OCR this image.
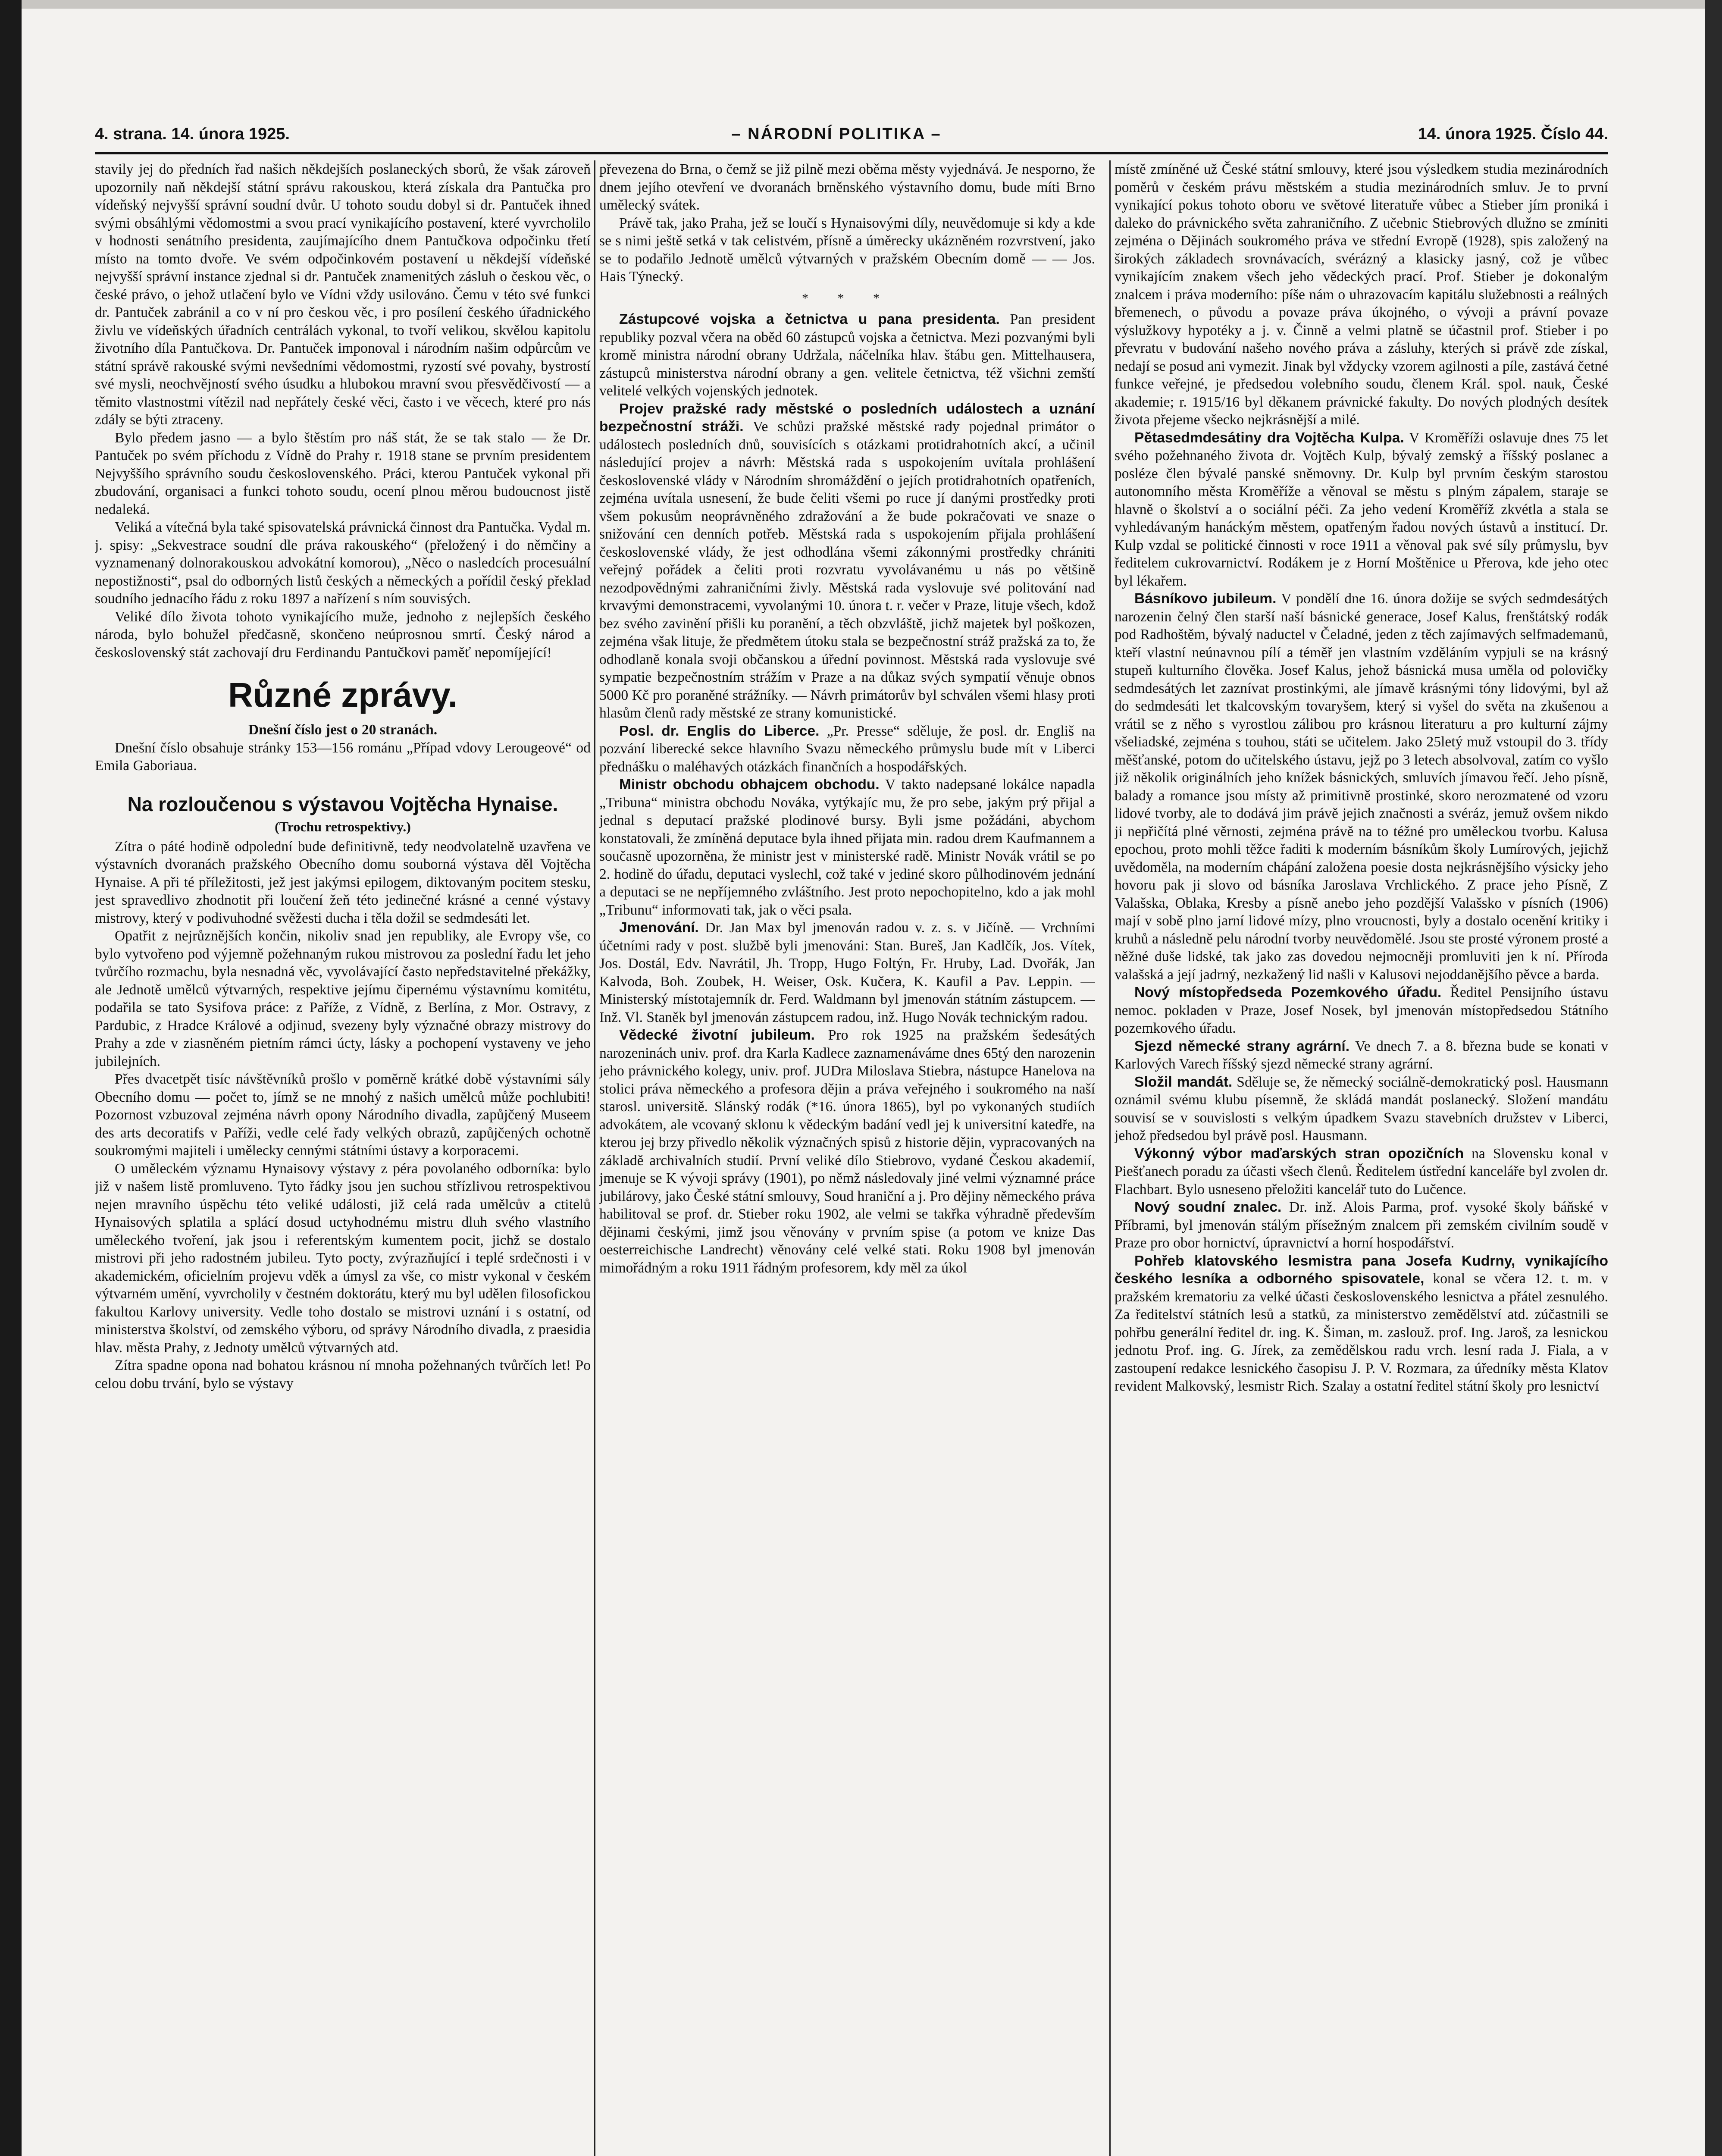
4. strana. 14. února 1925.	– NÁRODNÍ POLITIKA –	14. února 1925. Číslo 44.

stavily jej do předních řad našich někdejších poslaneckých sborů, že však zároveň upozornily naň někdejší státní správu rakouskou, která získala dra Pantučka pro vídeňský nejvyšší správní soudní dvůr. U tohoto soudu dobyl si dr. Pantuček ihned svými obsáhlými vědomostmi a svou prací vynikajícího postavení, které vyvrcholilo v hodnosti senátního presidenta, zaujímajícího dnem Pantučkova odpočinku třetí místo na tomto dvoře. Ve svém odpočinkovém postavení u někdejší vídeňské nejvyšší správní instance zjednal si dr. Pantuček znamenitých zásluh o českou věc, o české právo, o jehož utlačení bylo ve Vídni vždy usilováno. Čemu v této své funkci dr. Pantuček zabránil a co v ní pro českou věc, i pro posílení českého úřadnického živlu ve vídeňských úřadních centrálách vykonal, to tvoří velikou, skvělou kapitolu životního díla Pantučkova. Dr. Pantuček imponoval i národním našim odpůrcům ve státní správě rakouské svými nevšedními vědomostmi, ryzostí své povahy, bystrostí své mysli, neochvějností svého úsudku a hlubokou mravní svou přesvědčivostí — a těmito vlastnostmi vítězil nad nepřátely české věci, často i ve věcech, které pro nás zdály se býti ztraceny.

Bylo předem jasno — a bylo štěstím pro náš stát, že se tak stalo — že Dr. Pantuček po svém příchodu z Vídně do Prahy r. 1918 stane se prvním presidentem Nejvyššího správního soudu československého. Práci, kterou Pantuček vykonal při zbudování, organisaci a funkci tohoto soudu, ocení plnou měrou budoucnost jistě nedaleká.

Veliká a vítečná byla také spisovatelská právnická činnost dra Pantučka. Vydal m. j. spisy: „Sekvestrace soudní dle práva rakouského“ (přeložený i do němčiny a vyznamenaný dolnorakouskou advokátní komorou), „Něco o nasledcích procesuální nepostižnosti“, psal do odborných listů českých a německých a pořídil český překlad soudního jednacího řádu z roku 1897 a nařízení s ním souvisých.

Veliké dílo života tohoto vynikajícího muže, jednoho z nejlepších českého národa, bylo bohužel předčasně, skončeno neúprosnou smrtí. Český národ a československý stát zachovají dru Ferdinandu Pantučkovi paměť nepomíjející!

Různé zprávy.
Dnešní číslo jest o 20 stranách.

Dnešní číslo obsahuje stránky 153—156 románu „Případ vdovy Lerougeové“ od Emila Gaboriaua.

Na rozloučenou s výstavou Vojtěcha Hynaise.
(Trochu retrospektivy.)

Zítra o páté hodině odpolední bude definitivně, tedy neodvolatelně uzavřena ve výstavních dvoranách pražského Obecního domu souborná výstava děl Vojtěcha Hynaise. A při té příležitosti, jež jest jakýmsi epilogem, diktovaným pocitem stesku, jest spravedlivo zhodnotit při loučení žeň této jedinečné krásné a cenné výstavy mistrovy, který v podivuhodné svěžesti ducha i těla dožil se sedmdesáti let.

Opatřit z nejrůznějších končin, nikoliv snad jen republiky, ale Evropy vše, co bylo vytvořeno pod výjemně požehnaným rukou mistrovou za poslední řadu let jeho tvůrčího rozmachu, byla nesnadná věc, vyvolávající často nepředstavitelné překážky, ale Jednotě umělců výtvarných, respektive jejímu čipernému výstavnímu komitétu, podařila se tato Sysifova práce: z Paříže, z Vídně, z Berlína, z Mor. Ostravy, z Pardubic, z Hradce Králové a odjinud, svezeny byly význačné obrazy mistrovy do Prahy a zde v ziasněném pietním rámci úcty, lásky a pochopení vystaveny ve jeho jubilejních.

Přes dvacetpět tisíc návštěvníků prošlo v poměrně krátké době výstavními sály Obecního domu — počet to, jímž se ne mnohý z našich umělců může pochlubiti! Pozornost vzbuzoval zejména návrh opony Národního divadla, zapůjčený Museem des arts decoratifs v Paříži, vedle celé řady velkých obrazů, zapůjčených ochotně soukromými majiteli i umělecky cennými státními ústavy a korporacemi.

O uměleckém významu Hynaisovy výstavy z péra povolaného odborníka: bylo již v našem listě promluveno. Tyto řádky jsou jen suchou střízlivou retrospektivou nejen mravního úspěchu této veliké události, již celá rada umělcův a ctitelů Hynaisových splatila a splácí dosud uctyhodnému mistru dluh svého vlastního uměleckého tvoření, jak jsou i referentským kumentem pocit, jichž se dostalo mistrovi při jeho radostném jubileu. Tyto pocty, zvýrazňující i teplé srdečnosti i v akademickém, oficielním projevu vděk a úmysl za vše, co mistr vykonal v českém výtvarném umění, vyvrcholily v čestném doktorátu, který mu byl udělen filosofickou fakultou Karlovy university. Vedle toho dostalo se mistrovi uznání i s ostatní, od ministerstva školství, od zemského výboru, od správy Národního divadla, z praesidia hlav. města Prahy, z Jednoty umělců výtvarných atd.

Zítra spadne opona nad bohatou krásnou ní mnoha požehnaných tvůrčích let! Po celou dobu trvání, bylo se výstavy

převezena do Brna, o čemž se již pilně mezi oběma městy vyjednává. Je nesporno, že dnem jejího otevření ve dvoranách brněnského výstavního domu, bude míti Brno umělecký svátek.

Právě tak, jako Praha, jež se loučí s Hynaisovými díly, neuvědomuje si kdy a kde se s nimi ještě setká v tak celistvém, přísně a úměrecky ukázněném rozvrstvení, jako se to podařilo Jednotě umělců výtvarných v pražském Obecním domě — — Jos. Hais Týnecký.

* * *

Zástupcové vojska a četnictva u pana presidenta. Pan president republiky pozval včera na oběd 60 zástupců vojska a četnictva. Mezi pozvanými byli kromě ministra národní obrany Udržala, náčelníka hlav. štábu gen. Mittelhausera, zástupců ministerstva národní obrany a gen. velitele četnictva, též všichni zemští velitelé velkých vojenských jednotek.

Projev pražské rady městské o posledních událostech a uznání bezpečnostní stráži. Ve schůzi pražské městské rady pojednal primátor o událostech posledních dnů, souvisících s otázkami protidrahotních akcí, a učinil následující projev a návrh: Městská rada s uspokojením uvítala prohlášení československé vlády v Národním shromáždění o jejích protidrahotních opatřeních, zejména uvítala usnesení, že bude čeliti všemi po ruce jí danými prostředky proti všem pokusům neoprávněného zdražování a že bude pokračovati ve snaze o snižování cen denních potřeb. Městská rada s uspokojením přijala prohlášení československé vlády, že jest odhodlána všemi zákonnými prostředky chrániti veřejný pořádek a čeliti proti rozvratu vyvolávanému u nás po většině nezodpovědnými zahraničními živly. Městská rada vyslovuje své politování nad krvavými demonstracemi, vyvolanými 10. února t. r. večer v Praze, lituje všech, kdož bez svého zavinění přišli ku poranění, a těch obzvláště, jichž majetek byl poškozen, zejména však lituje, že předmětem útoku stala se bezpečnostní stráž pražská za to, že odhodlaně konala svoji občanskou a úřední povinnost. Městská rada vyslovuje své sympatie bezpečnostním strážím v Praze a na důkaz svých sympatií věnuje obnos 5000 Kč pro poraněné strážníky. — Návrh primátorův byl schválen všemi hlasy proti hlasům členů rady městské ze strany komunistické.

Posl. dr. Englis do Liberce. „Pr. Presse“ sděluje, že posl. dr. Engliš na pozvání liberecké sekce hlavního Svazu německého průmyslu bude mít v Liberci přednášku o maléhavých otázkách finančních a hospodářských.

Ministr obchodu obhajcem obchodu. V takto nadepsané lokálce napadla „Tribuna“ ministra obchodu Nováka, vytýkajíc mu, že pro sebe, jakým prý přijal a jednal s deputací pražské plodinové bursy. Byli jsme požádáni, abychom konstatovali, že zmíněná deputace byla ihned přijata min. radou drem Kaufmannem a současně upozorněna, že ministr jest v ministerské radě. Ministr Novák vrátil se po 2. hodině do úřadu, deputaci vyslechl, což také v jediné skoro půlhodinovém jednání a deputaci se ne nepříjemného zvláštního. Jest proto nepochopitelno, kdo a jak mohl „Tribunu“ informovati tak, jak o věci psala.

Jmenování. Dr. Jan Max byl jmenován radou v. z. s. v Jičíně. — Vrchními účetními rady v post. službě byli jmenováni: Stan. Bureš, Jan Kadlčík, Jos. Vítek, Jos. Dostál, Edv. Navrátil, Jh. Tropp, Hugo Foltýn, Fr. Hruby, Lad. Dvořák, Jan Kalvoda, Boh. Zoubek, H. Weiser, Osk. Kučera, K. Kaufil a Pav. Leppin. — Ministerský místotajemník dr. Ferd. Waldmann byl jmenován státním zástupcem. — Inž. Vl. Staněk byl jmenován zástupcem radou, inž. Hugo Novák technickým radou.

Vědecké životní jubileum. Pro rok 1925 na pražském šedesátých narozeninách univ. prof. dra Karla Kadlece zaznamenáváme dnes 65tý den narozenin jeho právnického kolegy, univ. prof. JUDra Miloslava Stiebra, nástupce Hanelova na stolici práva německého a profesora dějin a práva veřejného i soukromého na naší starosl. universitě. Slánský rodák (*16. února 1865), byl po vykonaných studiích advokátem, ale vcovaný sklonu k vědeckým badání vedl jej k universitní katedře, na kterou jej brzy přivedlo několik význačných spisů z historie dějin, vypracovaných na základě archivalních studií. První veliké dílo Stiebrovo, vydané Českou akademií, jmenuje se K vývoji správy (1901), po němž následovaly jiné velmi významné práce jubilárovy, jako České státní smlouvy, Soud hraniční a j. Pro dějiny německého práva habilitoval se prof. dr. Stieber roku 1902, ale velmi se takřka výhradně především dějinami českými, jimž jsou věnovány v prvním spise (a potom ve knize Das oesterreichische Landrecht) věnovány celé velké stati. Roku 1908 byl jmenován mimořádným a roku 1911 řádným profesorem, kdy měl za úkol

místě zmíněné už České státní smlouvy, které jsou výsledkem studia mezinárodních poměrů v českém právu městském a studia mezinárodních smluv. Je to první vynikající pokus tohoto oboru ve světové literatuře vůbec a Stieber jím proniká i daleko do právnického světa zahraničního. Z učebnic Stiebrových dlužno se zmíniti zejména o Dějinách soukromého práva ve střední Evropě (1928), spis založený na širokých základech srovnávacích, svérázný a klasicky jasný, což je vůbec vynikajícím znakem všech jeho vědeckých prací. Prof. Stieber je dokonalým znalcem i práva moderního: píše nám o uhrazovacím kapitálu služebnosti a reálných břemenech, o původu a povaze práva úkojného, o vývoji a právní povaze výslužkovy hypotéky a j. v. Činně a velmi platně se účastnil prof. Stieber i po převratu v budování našeho nového práva a zásluhy, kterých si právě zde získal, nedají se posud ani vymezit. Jinak byl vždycky vzorem agilnosti a píle, zastává četné funkce veřejné, je předsedou volebního soudu, členem Král. spol. nauk, České akademie; r. 1915/16 byl děkanem právnické fakulty. Do nových plodných desítek života přejeme všecko nejkrásnější a milé.

Pětasedmdesátiny dra Vojtěcha Kulpa. V Kroměříži oslavuje dnes 75 let svého požehnaného života dr. Vojtěch Kulp, bývalý zemský a říšský poslanec a posléze člen bývalé panské sněmovny. Dr. Kulp byl prvním českým starostou autonomního města Kroměříže a věnoval se městu s plným zápalem, staraje se hlavně o školství a o sociální péči. Za jeho vedení Kroměříž zkvétla a stala se vyhledávaným hanáckým městem, opatřeným řadou nových ústavů a institucí. Dr. Kulp vzdal se politické činnosti v roce 1911 a věnoval pak své síly průmyslu, byv ředitelem cukrovarnictví. Rodákem je z Horní Moštěnice u Přerova, kde jeho otec byl lékařem.

Básníkovo jubileum. V pondělí dne 16. února dožije se svých sedmdesátých narozenin čelný člen starší naší básnické generace, Josef Kalus, frenštátský rodák pod Radhoštěm, bývalý naductel v Čeladné, jeden z těch zajímavých selfmademanů, kteří vlastní neúnavnou pílí a téměř jen vlastním vzděláním vypjuli se na krásný stupeň kulturního člověka. Josef Kalus, jehož básnická musa uměla od polovičky sedmdesátých let zaznívat prostinkými, ale jímavě krásnými tóny lidovými, byl až do sedmdesáti let tkalcovským tovaryšem, který si vyšel do světa na zkušenou a vrátil se z něho s vyrostlou zálibou pro krásnou literaturu a pro kulturní zájmy všeliadské, zejména s touhou, státi se učitelem. Jako 25letý muž vstoupil do 3. třídy měšťanské, potom do učitelského ústavu, jejž po 3 letech absolvoval, zatím co vyšlo již několik originálních jeho knížek básnických, smluvích jímavou řečí. Jeho písně, balady a romance jsou místy až primitivně prostinké, skoro nerozmatené od vzoru lidové tvorby, ale to dodává jim právě jejich značnosti a svéráz, jemuž ovšem nikdo ji nepřičítá plné věrnosti, zejména právě na to téžné pro uměleckou tvorbu. Kalusa epochou, proto mohli těžce řaditi k moderním básníkům školy Lumírových, jejichž uvědoměla, na moderním chápání založena poesie dosta nejkrásnějšího výsicky jeho hovoru pak ji slovo od básníka Jaroslava Vrchlického. Z prace jeho Písně, Z Valašska, Oblaka, Kresby a písně anebo jeho pozdější Valašsko v písních (1906) mají v sobě plno jarní lidové mízy, plno vroucnosti, byly a dostalo ocenění kritiky i kruhů a následně pelu národní tvorby neuvědomělé. Jsou ste prosté výronem prosté a něžné duše lidské, tak jako zas dovedou nejmocněji promluviti jen k ní. Příroda valašská a její jadrný, nezkažený lid našli v Kalusovi nejoddanějšího pěvce a barda.

Nový místopředseda Pozemkového úřadu. Ředitel Pensijního ústavu nemoc. pokladen v Praze, Josef Nosek, byl jmenován místopředsedou Státního pozemkového úřadu.

Sjezd německé strany agrární. Ve dnech 7. a 8. března bude se konati v Karlových Varech říšský sjezd německé strany agrární.

Složil mandát. Sděluje se, že německý sociálně-demokratický posl. Hausmann oznámil svému klubu písemně, že skládá mandát poslanecký. Složení mandátu souvisí se v souvislosti s velkým úpadkem Svazu stavebních družstev v Liberci, jehož předsedou byl právě posl. Hausmann.

Výkonný výbor maďarských stran opozičních na Slovensku konal v Piešťanech poradu za účasti všech členů. Ředitelem ústřední kanceláře byl zvolen dr. Flachbart. Bylo usneseno přeložiti kancelář tuto do Lučence.

Nový soudní znalec. Dr. inž. Alois Parma, prof. vysoké školy báňské v Příbrami, byl jmenován stálým přísežným znalcem při zemském civilním soudě v Praze pro obor hornictví, úpravnictví a horní hospodářství.

Pohřeb klatovského lesmistra pana Josefa Kudrny, vynikajícího českého lesníka a odborného spisovatele, konal se včera 12. t. m. v pražském krematoriu za velké účasti československého lesnictva a přátel zesnulého. Za ředitelství státních lesů a statků, za ministerstvo zemědělství atd. zúčastnili se pohřbu generální ředitel dr. ing. K. Šiman, m. zaslouž. prof. Ing. Jaroš, za lesnickou jednotu Prof. ing. G. Jírek, za zemědělskou radu vrch. lesní rada J. Fiala, a v zastoupení redakce lesnického časopisu J. P. V. Rozmara, za úředníky města Klatov revident Malkovský, lesmistr Rich. Szalay a ostatní ředitel státní školy pro lesnictví
